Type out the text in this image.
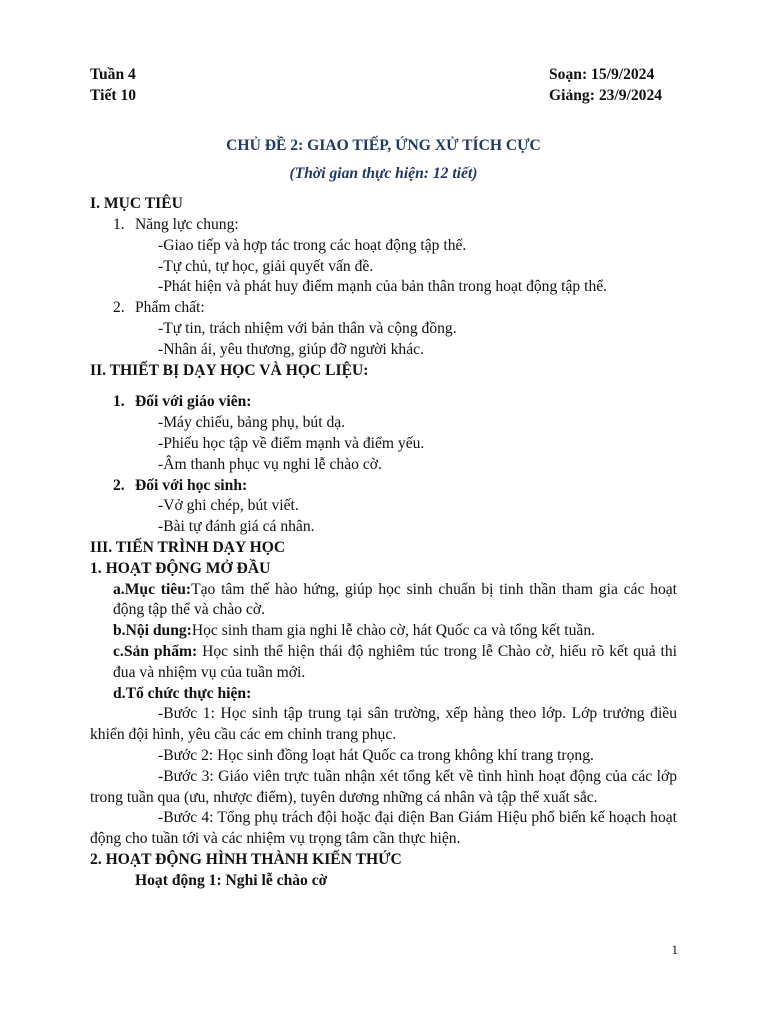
Tuần 4	Soạn: 15/9/2024
Tiết 10	Giảng: 23/9/2024
CHỦ ĐỀ 2: GIAO TIẾP, ỨNG XỬ TÍCH CỰC
(Thời gian thực hiện: 12 tiết)
I. MỤC TIÊU
1. Năng lực chung:
-Giao tiếp và hợp tác trong các hoạt động tập thể.
-Tự chủ, tự học, giải quyết vấn đề.
-Phát hiện và phát huy điểm mạnh của bản thân trong hoạt động tập thể.
2. Phẩm chất:
-Tự tin, trách nhiệm với bản thân và cộng đồng.
-Nhân ái, yêu thương, giúp đỡ người khác.
II. THIẾT BỊ DẠY HỌC VÀ HỌC LIỆU:
1. Đối với giáo viên:
-Máy chiếu, bảng phụ, bút dạ.
-Phiếu học tập về điểm mạnh và điểm yếu.
-Âm thanh phục vụ nghi lễ chào cờ.
2. Đối với học sinh:
-Vở ghi chép, bút viết.
-Bài tự đánh giá cá nhân.
III. TIẾN TRÌNH DẠY HỌC
1. HOẠT ĐỘNG MỞ ĐẦU
a.Mục tiêu:Tạo tâm thế hào hứng, giúp học sinh chuẩn bị tinh thần tham gia các hoạt động tập thể và chào cờ.
b.Nội dung:Học sinh tham gia nghi lễ chào cờ, hát Quốc ca và tổng kết tuần.
c.Sản phẩm: Học sinh thể hiện thái độ nghiêm túc trong lễ Chào cờ, hiểu rõ kết quả thi đua và nhiệm vụ của tuần mới.
d.Tổ chức thực hiện:
-Bước 1: Học sinh tập trung tại sân trường, xếp hàng theo lớp. Lớp trưởng điều khiển đội hình, yêu cầu các em chỉnh trang phục.
-Bước 2: Học sinh đồng loạt hát Quốc ca trong không khí trang trọng.
-Bước 3: Giáo viên trực tuần nhận xét tổng kết về tình hình hoạt động của các lớp trong tuần qua (ưu, nhược điểm), tuyên dương những cá nhân và tập thể xuất sắc.
-Bước 4: Tổng phụ trách đội hoặc đại diện Ban Giám Hiệu phổ biến kế hoạch hoạt động cho tuần tới và các nhiệm vụ trọng tâm cần thực hiện.
2. HOẠT ĐỘNG HÌNH THÀNH KIẾN THỨC
Hoạt động 1: Nghi lễ chào cờ
1
